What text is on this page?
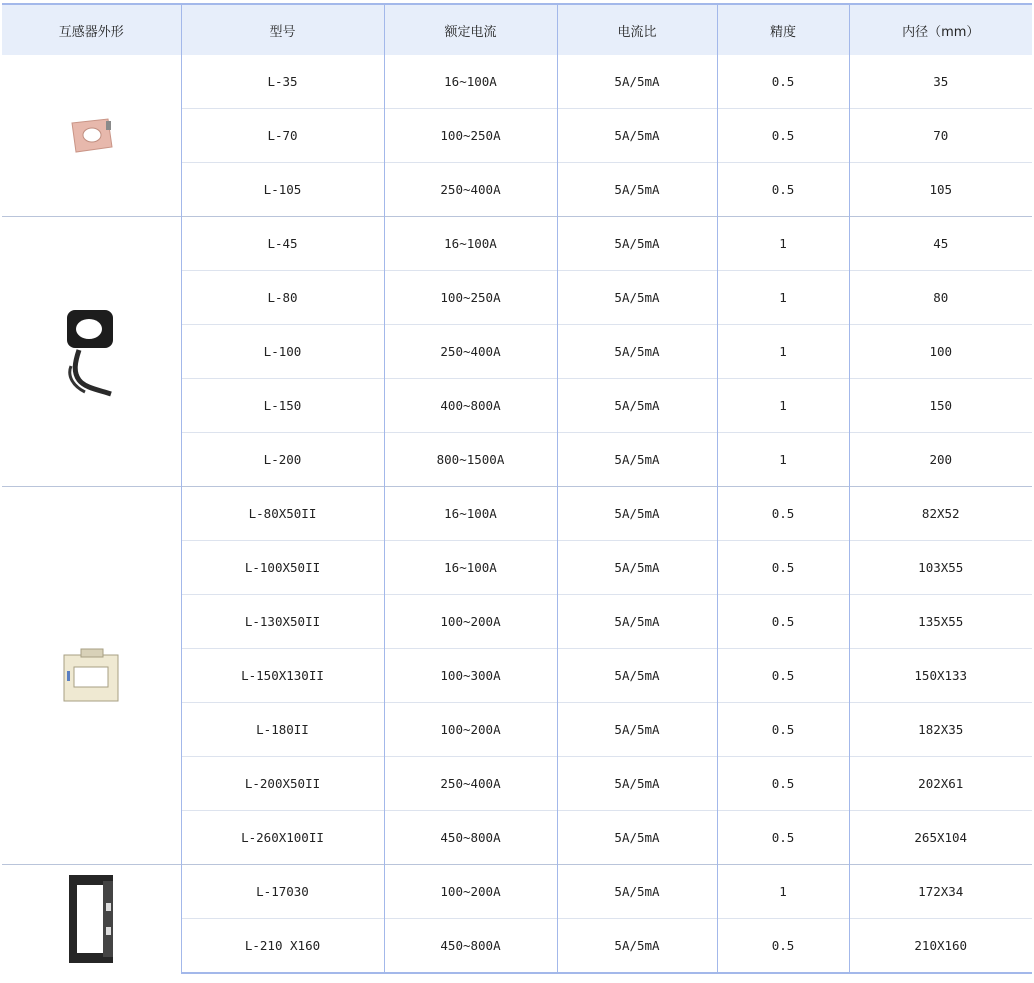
互感器外形	型号	额定电流	电流比	精度	内径（mm）

	L-35	16~100A	5A/5mA	0.5	35
	L-70	100~250A	5A/5mA	0.5	70
	L-105	250~400A	5A/5mA	0.5	105

	L-45	16~100A	5A/5mA	1	45
	L-80	100~250A	5A/5mA	1	80
	L-100	250~400A	5A/5mA	1	100
	L-150	400~800A	5A/5mA	1	150
	L-200	800~1500A	5A/5mA	1	200

	L-80X50II	16~100A	5A/5mA	0.5	82X52
	L-100X50II	16~100A	5A/5mA	0.5	103X55
	L-130X50II	100~200A	5A/5mA	0.5	135X55
	L-150X130II	100~300A	5A/5mA	0.5	150X133
	L-180II	100~200A	5A/5mA	0.5	182X35
	L-200X50II	250~400A	5A/5mA	0.5	202X61
	L-260X100II	450~800A	5A/5mA	0.5	265X104

	L-17030	100~200A	5A/5mA	1	172X34
	L-210 X160	450~800A	5A/5mA	0.5	210X160
